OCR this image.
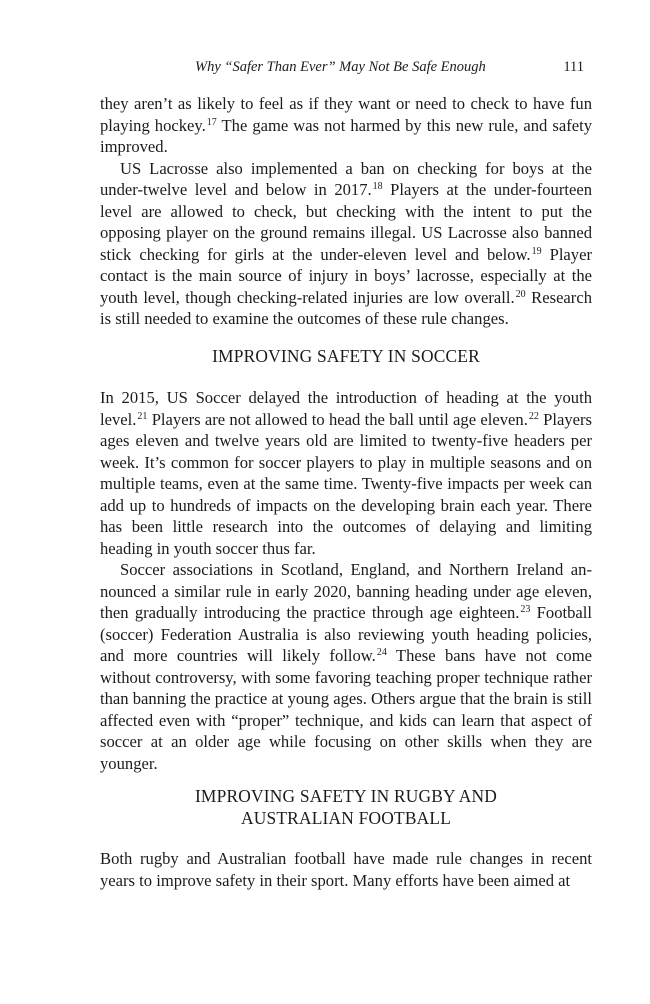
Why “Safer Than Ever” May Not Be Safe Enough	111

they aren’t as likely to feel as if they want or need to check to have fun playing hockey.$^{17}$ The game was not harmed by this new rule, and safety improved.

US Lacrosse also implemented a ban on checking for boys at the under-twelve level and below in 2017.18 Players at the under-fourteen level are allowed to check, but checking with the intent to put the opposing player on the ground remains illegal. US Lacrosse also banned stick checking for girls at the under-eleven level and below.$^{19}$ Player contact is the main source of injury in boys’ lacrosse, especially at the youth level, though checking-related injuries are low overall.$^{20}$ Research is still needed to examine the outcomes of these rule changes.

IMPROVING SAFETY IN SOCCER

In 2015, US Soccer delayed the introduction of heading at the youth level.$^{21}$ Players are not allowed to head the ball until age eleven.$^{22}$ Players ages eleven and twelve years old are limited to twenty-five headers per week. It’s common for soccer players to play in multiple seasons and on multiple teams, even at the same time. Twenty-five impacts per week can add up to hundreds of impacts on the developing brain each year. There has been little research into the outcomes of delaying and limiting heading in youth soccer thus far.

Soccer associations in Scotland, England, and Northern Ireland announced a similar rule in early 2020, banning heading under age eleven, then gradually introducing the practice through age eighteen.$^{23}$ Football (soccer) Federation Australia is also reviewing youth heading policies, and more countries will likely follow.$^{24}$ These bans have not come without controversy, with some favoring teaching proper technique rather than banning the practice at young ages. Others argue that the brain is still affected even with “proper” technique, and kids can learn that aspect of soccer at an older age while focusing on other skills when they are younger.

IMPROVING SAFETY IN RUGBY AND
AUSTRALIAN FOOTBALL

Both rugby and Australian football have made rule changes in recent years to improve safety in their sport. Many efforts have been aimed at
